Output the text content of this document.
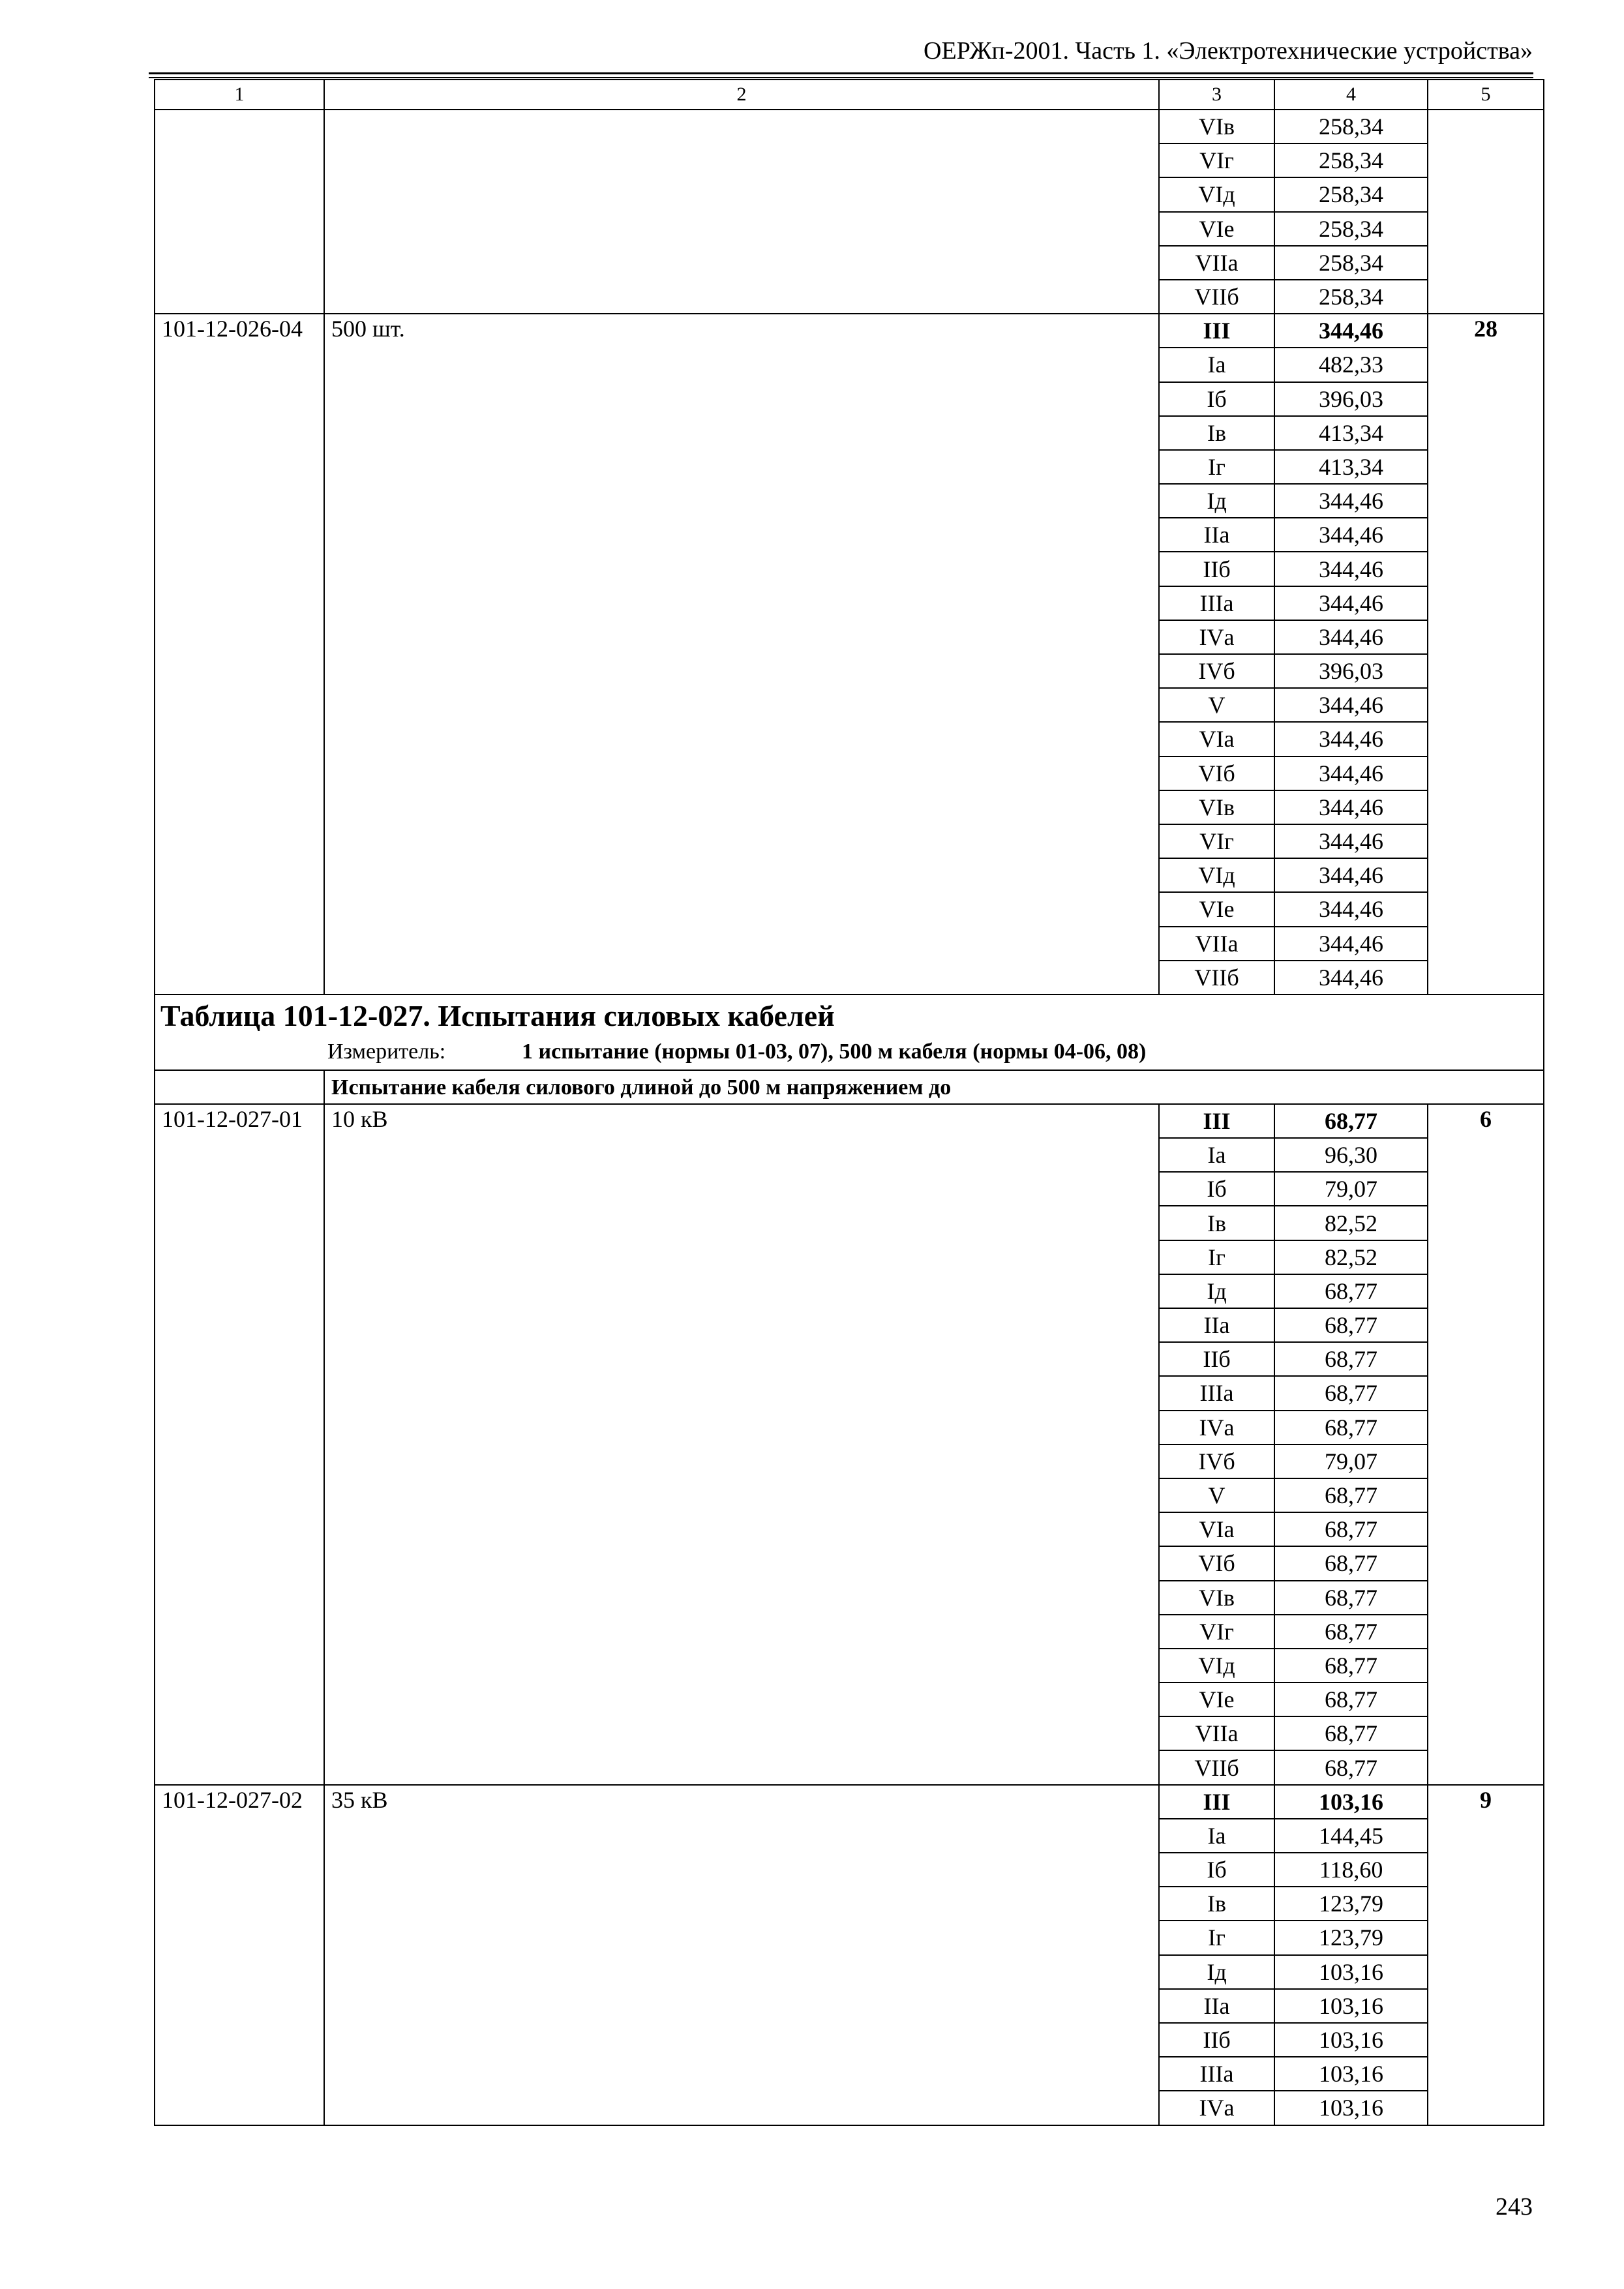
ОЕРЖп-2001. Часть 1. «Электротехнические устройства»
1	2	3	4	5
		VIв	258,34	
		VIг	258,34	
		VIд	258,34	
		VIе	258,34	
		VIIа	258,34	
		VIIб	258,34	
101-12-026-04	500 шт.	III	344,46	28
		Iа	482,33	
		Iб	396,03	
		Iв	413,34	
		Iг	413,34	
		Iд	344,46	
		IIа	344,46	
		IIб	344,46	
		IIIа	344,46	
		IVа	344,46	
		IVб	396,03	
		V	344,46	
		VIа	344,46	
		VIб	344,46	
		VIв	344,46	
		VIг	344,46	
		VIд	344,46	
		VIе	344,46	
		VIIа	344,46	
		VIIб	344,46	
Таблица 101-12-027. Испытания силовых кабелей				

Измеритель: 1 испытание (нормы 01-03, 07), 500 м кабеля (нормы 04-06, 08)				

	Испытание кабеля силового длиной до 500 м напряжением до			
101-12-027-01	10 кВ	III	68,77	6
		Iа	96,30	
		Iб	79,07	
		Iв	82,52	
		Iг	82,52	
		Iд	68,77	
		IIа	68,77	
		IIб	68,77	
		IIIа	68,77	
		IVа	68,77	
		IVб	79,07	
		V	68,77	
		VIа	68,77	
		VIб	68,77	
		VIв	68,77	
		VIг	68,77	
		VIд	68,77	
		VIе	68,77	
		VIIа	68,77	
		VIIб	68,77	
101-12-027-02	35 кВ	III	103,16	9
		Iа	144,45	
		Iб	118,60	
		Iв	123,79	
		Iг	123,79	
		Iд	103,16	
		IIа	103,16	
		IIб	103,16	
		IIIа	103,16	
		IVа	103,16	
243
